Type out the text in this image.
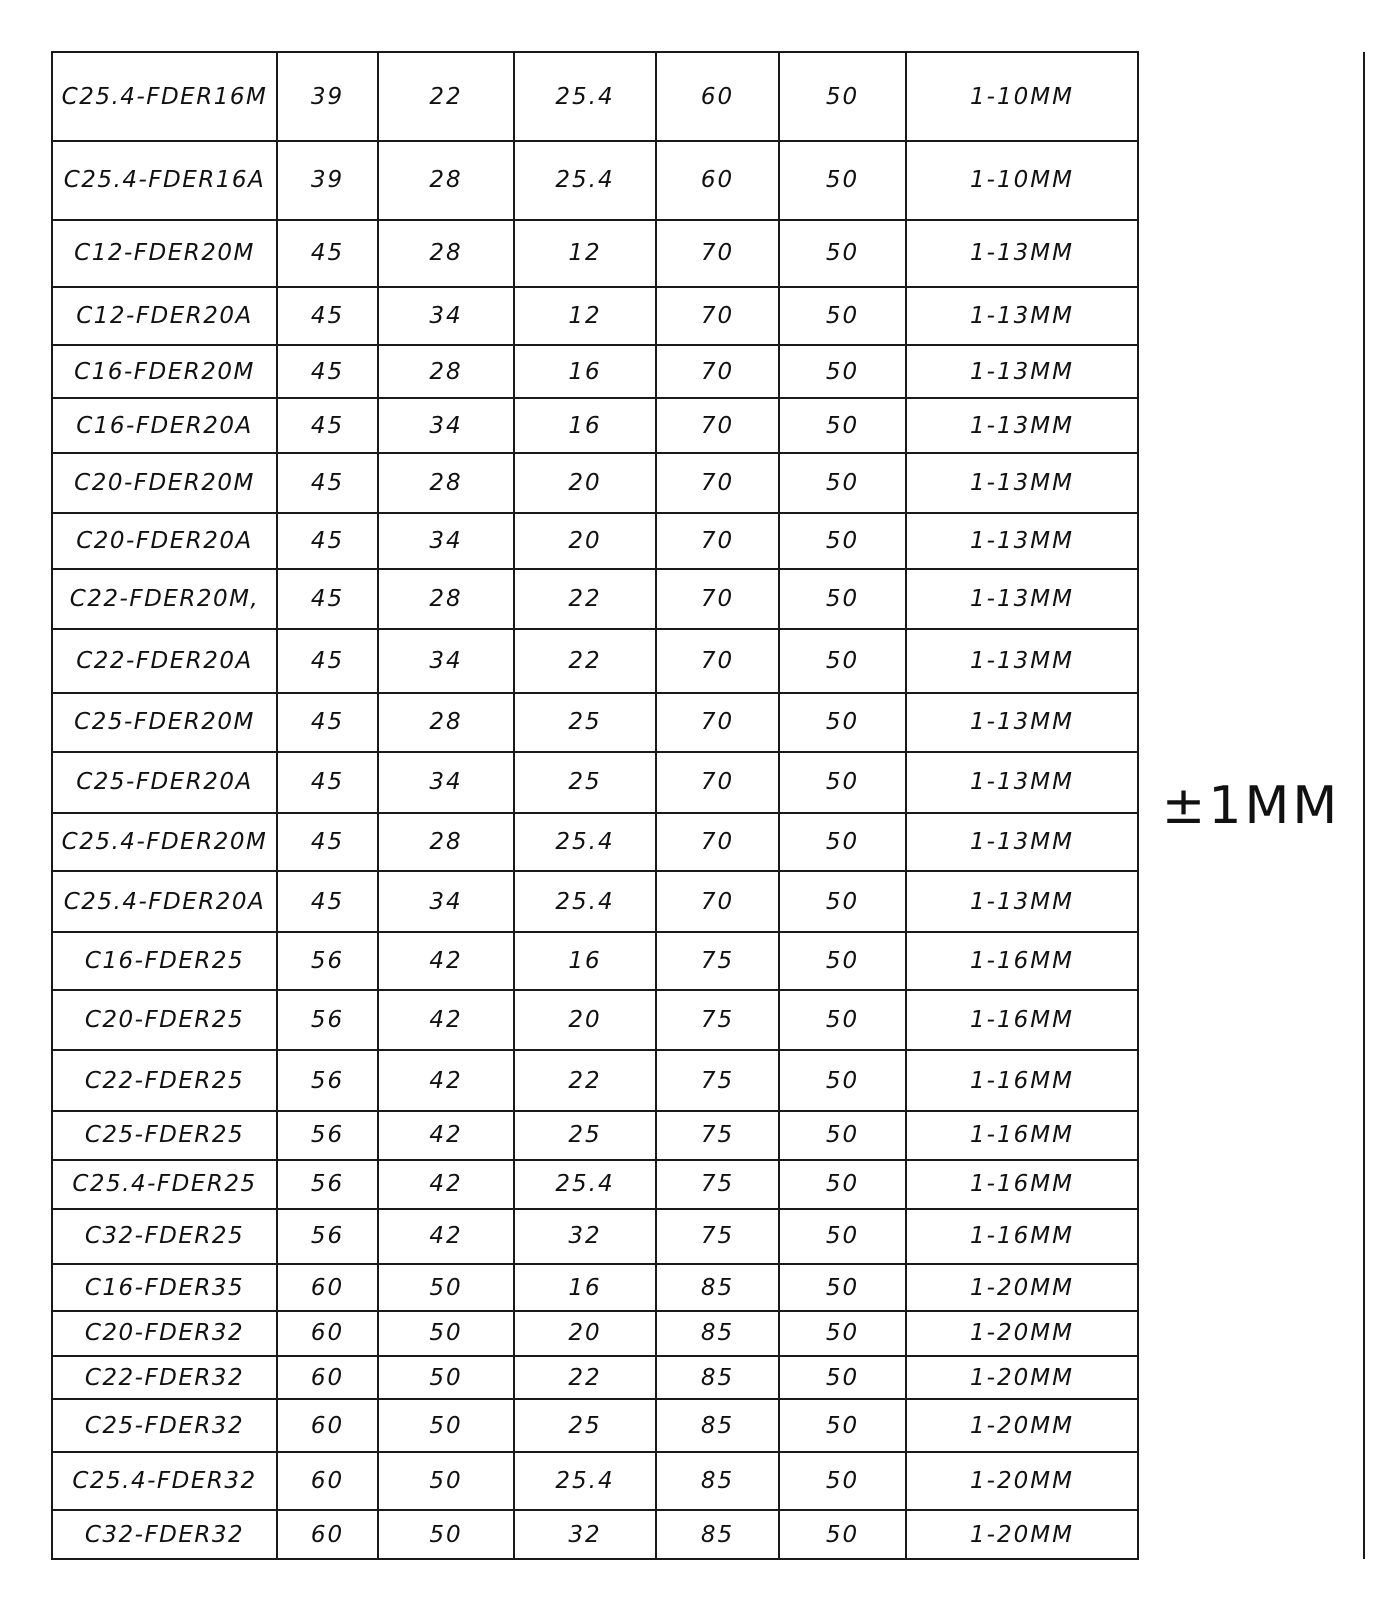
C25.4-FDER16M	39	22	25.4	60	50	1-10MM	±1MM
C25.4-FDER16A	39	28	25.4	60	50	1-10MM	
C12-FDER20M	45	28	12	70	50	1-13MM	
C12-FDER20A	45	34	12	70	50	1-13MM	
C16-FDER20M	45	28	16	70	50	1-13MM	
C16-FDER20A	45	34	16	70	50	1-13MM	
C20-FDER20M	45	28	20	70	50	1-13MM	
C20-FDER20A	45	34	20	70	50	1-13MM	
C22-FDER20M,	45	28	22	70	50	1-13MM	
C22-FDER20A	45	34	22	70	50	1-13MM	
C25-FDER20M	45	28	25	70	50	1-13MM	
C25-FDER20A	45	34	25	70	50	1-13MM	
C25.4-FDER20M	45	28	25.4	70	50	1-13MM	
C25.4-FDER20A	45	34	25.4	70	50	1-13MM	
C16-FDER25	56	42	16	75	50	1-16MM	
C20-FDER25	56	42	20	75	50	1-16MM	
C22-FDER25	56	42	22	75	50	1-16MM	
C25-FDER25	56	42	25	75	50	1-16MM	
C25.4-FDER25	56	42	25.4	75	50	1-16MM	
C32-FDER25	56	42	32	75	50	1-16MM	
C16-FDER35	60	50	16	85	50	1-20MM	
C20-FDER32	60	50	20	85	50	1-20MM	
C22-FDER32	60	50	22	85	50	1-20MM	
C25-FDER32	60	50	25	85	50	1-20MM	
C25.4-FDER32	60	50	25.4	85	50	1-20MM	
C32-FDER32	60	50	32	85	50	1-20MM	
